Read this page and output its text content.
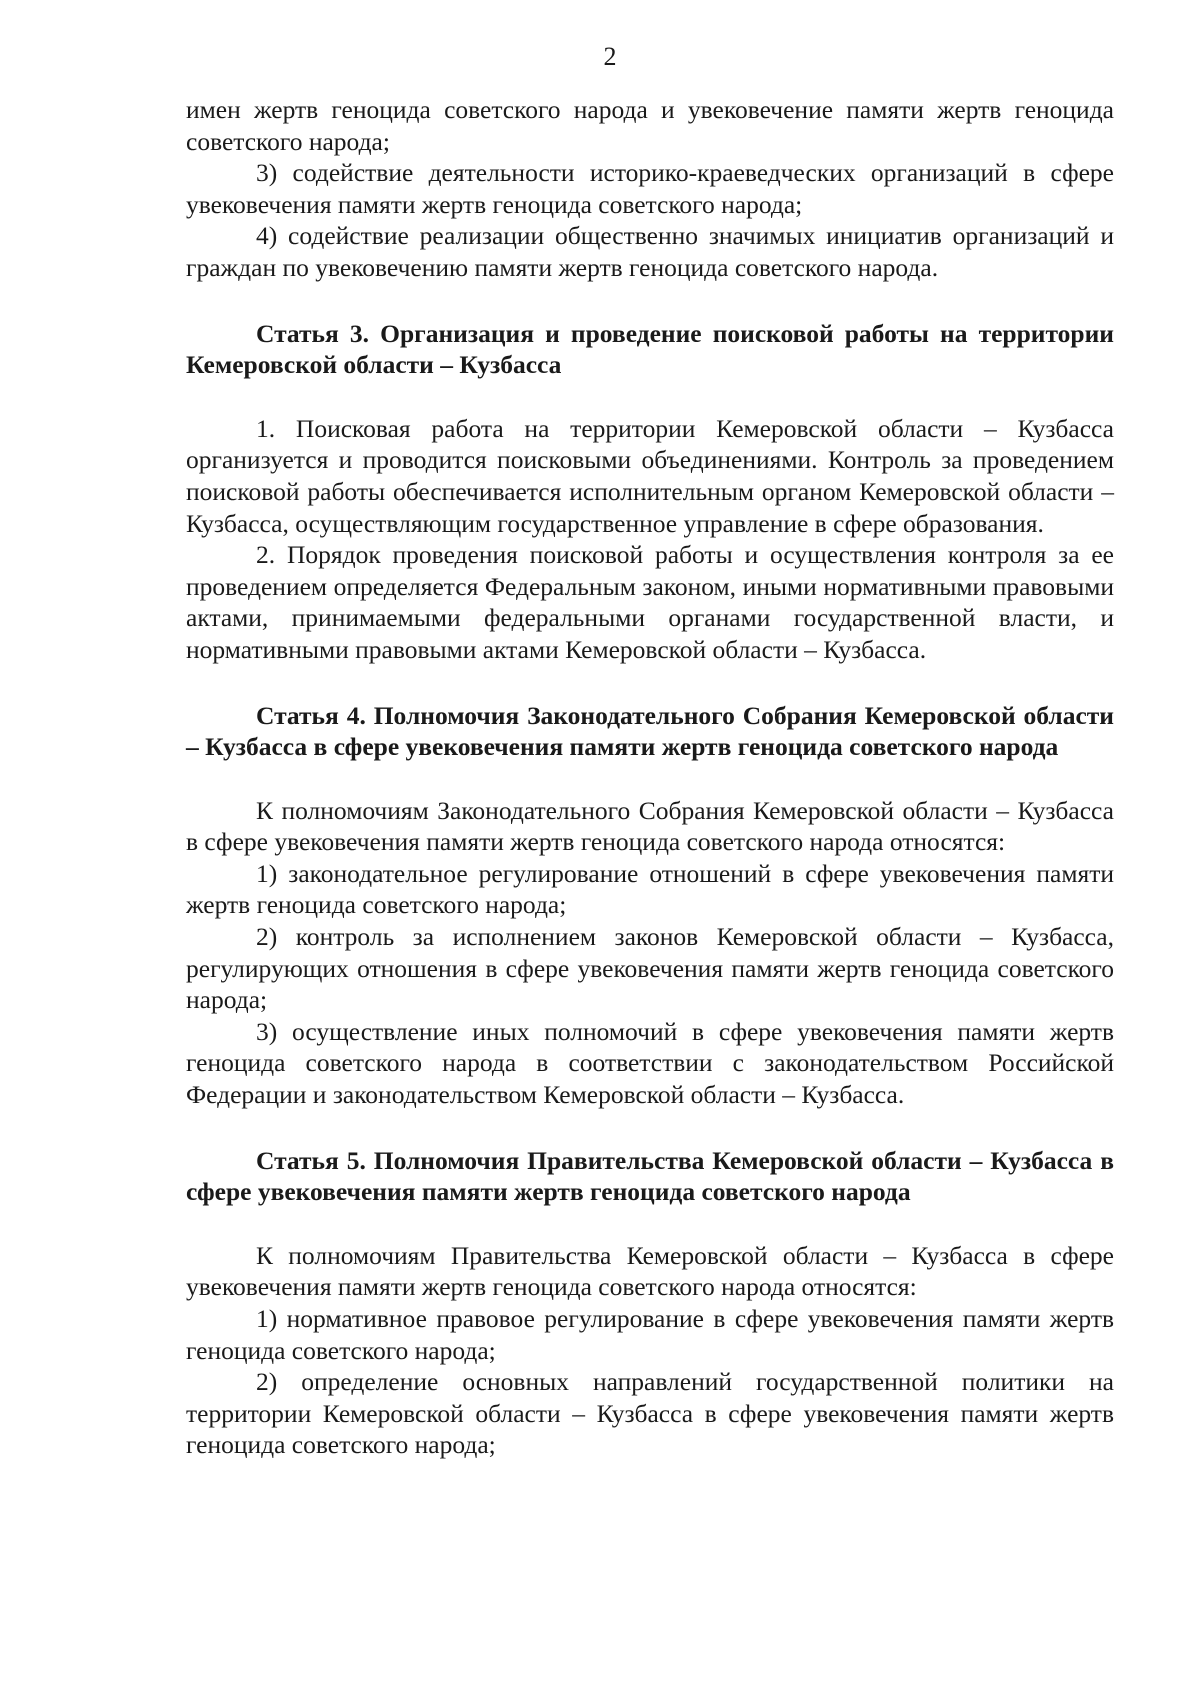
2

имен жертв геноцида советского народа и увековечение памяти жертв геноцида советского народа;

3) содействие деятельности историко-краеведческих организаций в сфере увековечения памяти жертв геноцида советского народа;

4) содействие реализации общественно значимых инициатив организаций и граждан по увековечению памяти жертв геноцида советского народа.

Статья 3. Организация и проведение поисковой работы на территории Кемеровской области – Кузбасса

1. Поисковая работа на территории Кемеровской области – Кузбасса организуется и проводится поисковыми объединениями. Контроль за проведением поисковой работы обеспечивается исполнительным органом Кемеровской области – Кузбасса, осуществляющим государственное управление в сфере образования.

2. Порядок проведения поисковой работы и осуществления контроля за ее проведением определяется Федеральным законом, иными нормативными правовыми актами, принимаемыми федеральными органами государственной власти, и нормативными правовыми актами Кемеровской области – Кузбасса.

Статья 4. Полномочия Законодательного Собрания Кемеровской области – Кузбасса в сфере увековечения памяти жертв геноцида советского народа

К полномочиям Законодательного Собрания Кемеровской области – Кузбасса в сфере увековечения памяти жертв геноцида советского народа относятся:

1) законодательное регулирование отношений в сфере увековечения памяти жертв геноцида советского народа;

2) контроль за исполнением законов Кемеровской области – Кузбасса, регулирующих отношения в сфере увековечения памяти жертв геноцида советского народа;

3) осуществление иных полномочий в сфере увековечения памяти жертв геноцида советского народа в соответствии с законодательством Российской Федерации и законодательством Кемеровской области – Кузбасса.

Статья 5. Полномочия Правительства Кемеровской области – Кузбасса в сфере увековечения памяти жертв геноцида советского народа

К полномочиям Правительства Кемеровской области – Кузбасса в сфере увековечения памяти жертв геноцида советского народа относятся:

1) нормативное правовое регулирование в сфере увековечения памяти жертв геноцида советского народа;

2) определение основных направлений государственной политики на территории Кемеровской области – Кузбасса в сфере увековечения памяти жертв геноцида советского народа;
